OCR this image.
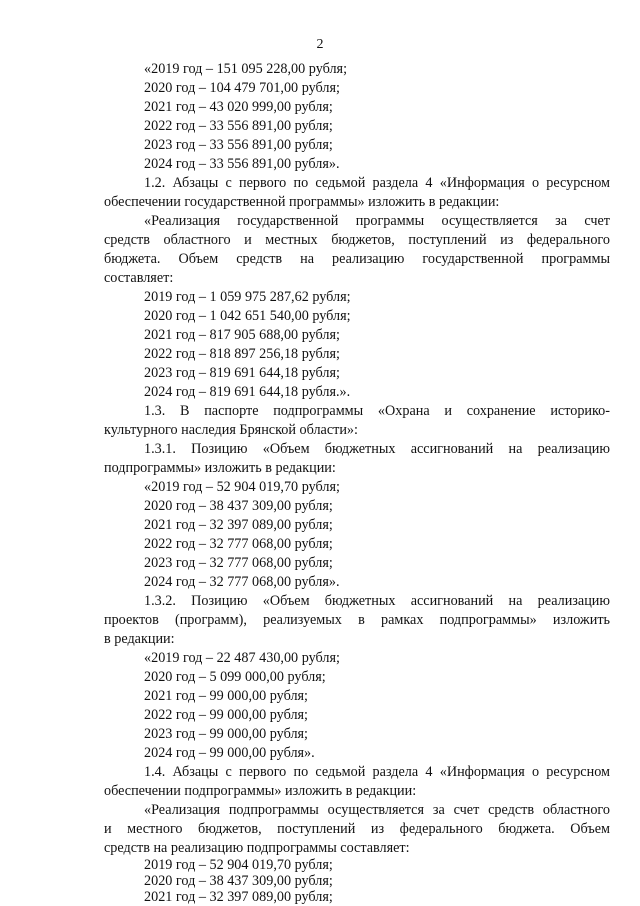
2

«2019 год – 151 095 228,00 рубля;

2020 год – 104 479 701,00 рубля;

2021 год – 43 020 999,00 рубля;

2022 год – 33 556 891,00 рубля;

2023 год – 33 556 891,00 рубля;

2024 год – 33 556 891,00 рубля».

1.2. Абзацы с первого по седьмой раздела 4 «Информация о ресурсном

обеспечении государственной программы» изложить в редакции:

«Реализация государственной программы осуществляется за счет

средств областного и местных бюджетов, поступлений из федерального

бюджета. Объем средств на реализацию государственной программы

составляет:

2019 год – 1 059 975 287,62 рубля;

2020 год – 1 042 651 540,00 рубля;

2021 год – 817 905 688,00 рубля;

2022 год – 818 897 256,18 рубля;

2023 год – 819 691 644,18 рубля;

2024 год – 819 691 644,18 рубля.».

1.3. В паспорте подпрограммы «Охрана и сохранение историко-

культурного наследия Брянской области»:

1.3.1. Позицию «Объем бюджетных ассигнований на реализацию

подпрограммы» изложить в редакции:

«2019 год – 52 904 019,70 рубля;

2020 год – 38 437 309,00 рубля;

2021 год – 32 397 089,00 рубля;

2022 год – 32 777 068,00 рубля;

2023 год – 32 777 068,00 рубля;

2024 год – 32 777 068,00 рубля».

1.3.2. Позицию «Объем бюджетных ассигнований на реализацию

проектов (программ), реализуемых в рамках подпрограммы» изложить

в редакции:

«2019 год – 22 487 430,00 рубля;

2020 год – 5 099 000,00 рубля;

2021 год – 99 000,00 рубля;

2022 год – 99 000,00 рубля;

2023 год – 99 000,00 рубля;

2024 год – 99 000,00 рубля».

1.4. Абзацы с первого по седьмой раздела 4 «Информация о ресурсном

обеспечении подпрограммы» изложить в редакции:

«Реализация подпрограммы осуществляется за счет средств областного

и местного бюджетов, поступлений из федерального бюджета. Объем

средств на реализацию подпрограммы составляет:

2019 год – 52 904 019,70 рубля;

2020 год – 38 437 309,00 рубля;

2021 год – 32 397 089,00 рубля;
